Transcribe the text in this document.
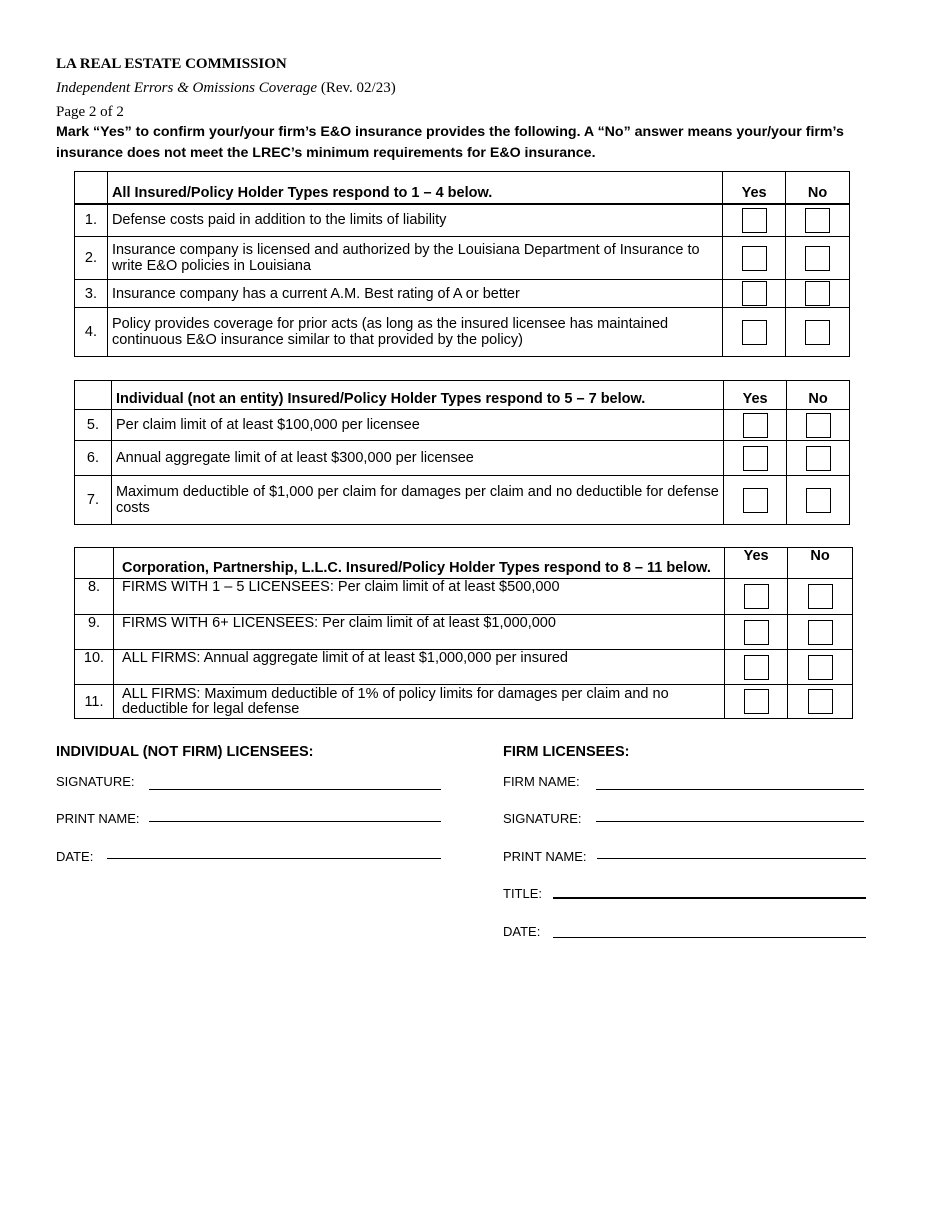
LA REAL ESTATE COMMISSION
Independent Errors & Omissions Coverage (Rev. 02/23)
Page 2 of 2
Mark “Yes” to confirm your/your firm’s E&O insurance provides the following. A “No” answer means your/your firm’s insurance does not meet the LREC’s minimum requirements for E&O insurance.
	All Insured/Policy Holder Types respond to 1 – 4 below.	Yes	No
1.	Defense costs paid in addition to the limits of liability		
2.	Insurance company is licensed and authorized by the Louisiana Department of Insurance to write E&O policies in Louisiana		
3.	Insurance company has a current A.M. Best rating of A or better		
4.	Policy provides coverage for prior acts (as long as the insured licensee has maintained continuous E&O insurance similar to that provided by the policy)		
	Individual (not an entity) Insured/Policy Holder Types respond to 5 – 7 below.	Yes	No
5.	Per claim limit of at least $100,000 per licensee		
6.	Annual aggregate limit of at least $300,000 per licensee		
7.	Maximum deductible of $1,000 per claim for damages per claim and no deductible for defense costs		
	Corporation, Partnership, L.L.C. Insured/Policy Holder Types respond to 8 – 11 below.	Yes	No
8.	FIRMS WITH 1 – 5 LICENSEES: Per claim limit of at least $500,000		
9.	FIRMS WITH 6+ LICENSEES: Per claim limit of at least $1,000,000		
10.	ALL FIRMS: Annual aggregate limit of at least $1,000,000 per insured		
11.	ALL FIRMS: Maximum deductible of 1% of policy limits for damages per claim and no deductible for legal defense		
INDIVIDUAL (NOT FIRM) LICENSEES:
SIGNATURE:
PRINT NAME:
DATE:
FIRM LICENSEES:
FIRM NAME:
SIGNATURE:
PRINT NAME:
TITLE:
DATE:
